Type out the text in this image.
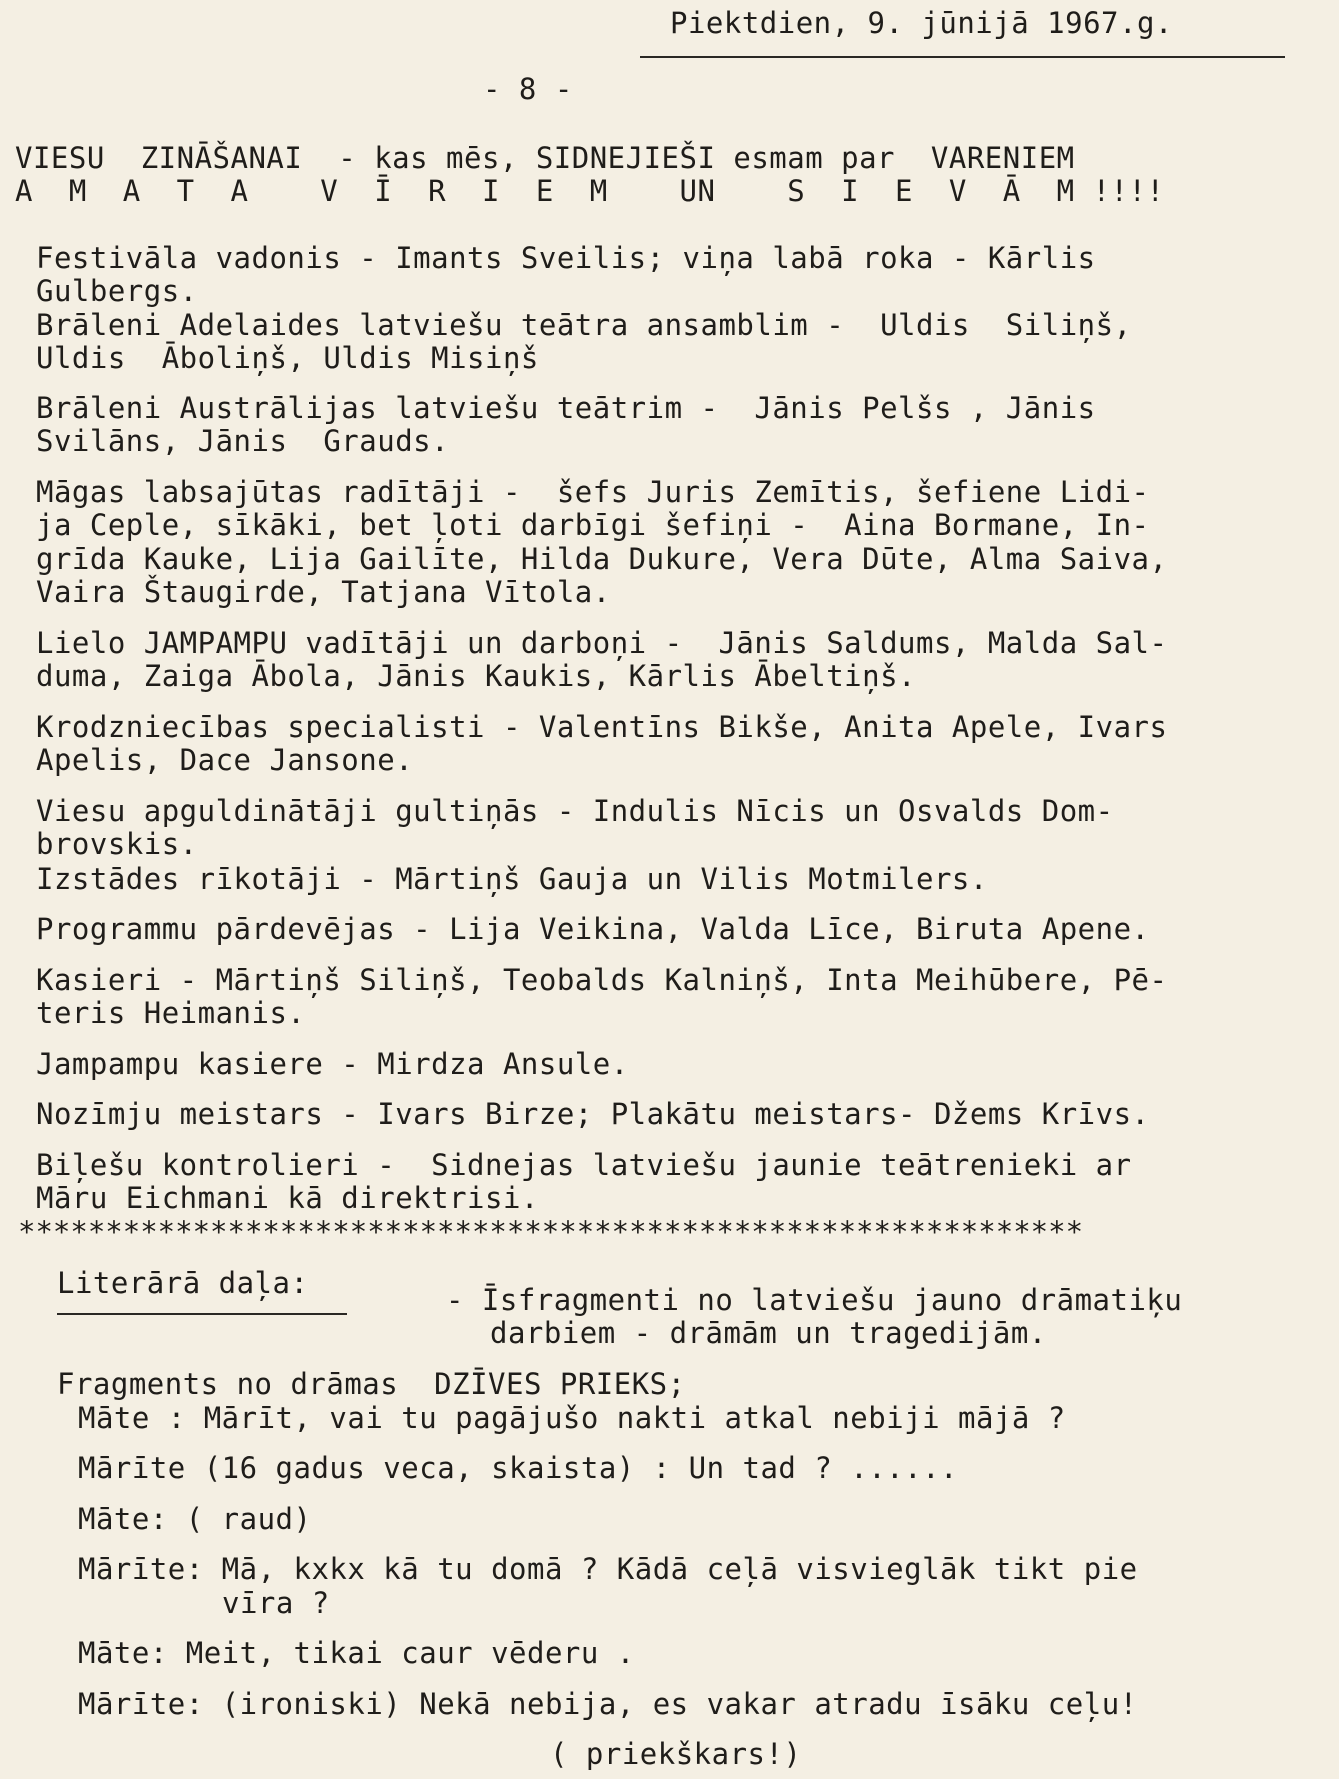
Piektdien, 9. jūnijā 1967.g.
- 8 -
VIESU  ZINĀŠANAI  - kas mēs, SIDNEJIEŠI esmam par  VARENIEM
A  M  A  T  A    V  Ī  R  I  E  M    UN    S  I  E  V  Ā  M !!!!
Festivāla vadonis - Imants Sveilis; viņa labā roka - Kārlis
Gulbergs.
Brāleni Adelaides latviešu teātra ansamblim -  Uldis  Siliņš,
Uldis  Āboliņš, Uldis Misiņš
Brāleni Austrālijas latviešu teātrim -  Jānis Pelšs , Jānis
Svilāns, Jānis  Grauds.
Māgas labsajūtas radītāji -  šefs Juris Zemītis, šefiene Lidi-
ja Ceple, sīkāki, bet ļoti darbīgi šefiņi -  Aina Bormane, In-
grīda Kauke, Lija Gailīte, Hilda Dukure, Vera Dūte, Alma Saiva,
Vaira Štaugirde, Tatjana Vītola.
Lielo JAMPAMPU vadītāji un darboņi -  Jānis Saldums, Malda Sal-
duma, Zaiga Ābola, Jānis Kaukis, Kārlis Ābeltiņš.
Krodzniecības specialisti - Valentīns Bikše, Anita Apele, Ivars
Apelis, Dace Jansone.
Viesu apguldinātāji gultiņās - Indulis Nīcis un Osvalds Dom-
brovskis.
Izstādes rīkotāji - Mārtiņš Gauja un Vilis Motmilers.
Programmu pārdevējas - Lija Veikina, Valda Līce, Biruta Apene.
Kasieri - Mārtiņš Siliņš, Teobalds Kalniņš, Inta Meihūbere, Pē-
teris Heimanis.
Jampampu kasiere - Mirdza Ansule.
Nozīmju meistars - Ivars Birze; Plakātu meistars- Džems Krīvs.
Biļešu kontrolieri -  Sidnejas latviešu jaunie teātrenieki ar
Māru Eichmani kā direktrisi.
*************************************************************
Literārā daļa:	- Īsfragmenti no latviešu jauno drāmatiķu
darbiem - drāmām un tragedijām.
Fragments no drāmas  DZĪVES PRIEKS;
Māte : Mārīt, vai tu pagājušo nakti atkal nebiji mājā ?
Mārīte (16 gadus veca, skaista) : Un tad ? ......
Māte: ( raud)
Mārīte: Mā, kxkx kā tu domā ? Kādā ceļā visvieglāk tikt pie
vīra ?
Māte: Meit, tikai caur vēderu .
Mārīte: (ironiski) Nekā nebija, es vakar atradu īsāku ceļu!
( priekškars!)
